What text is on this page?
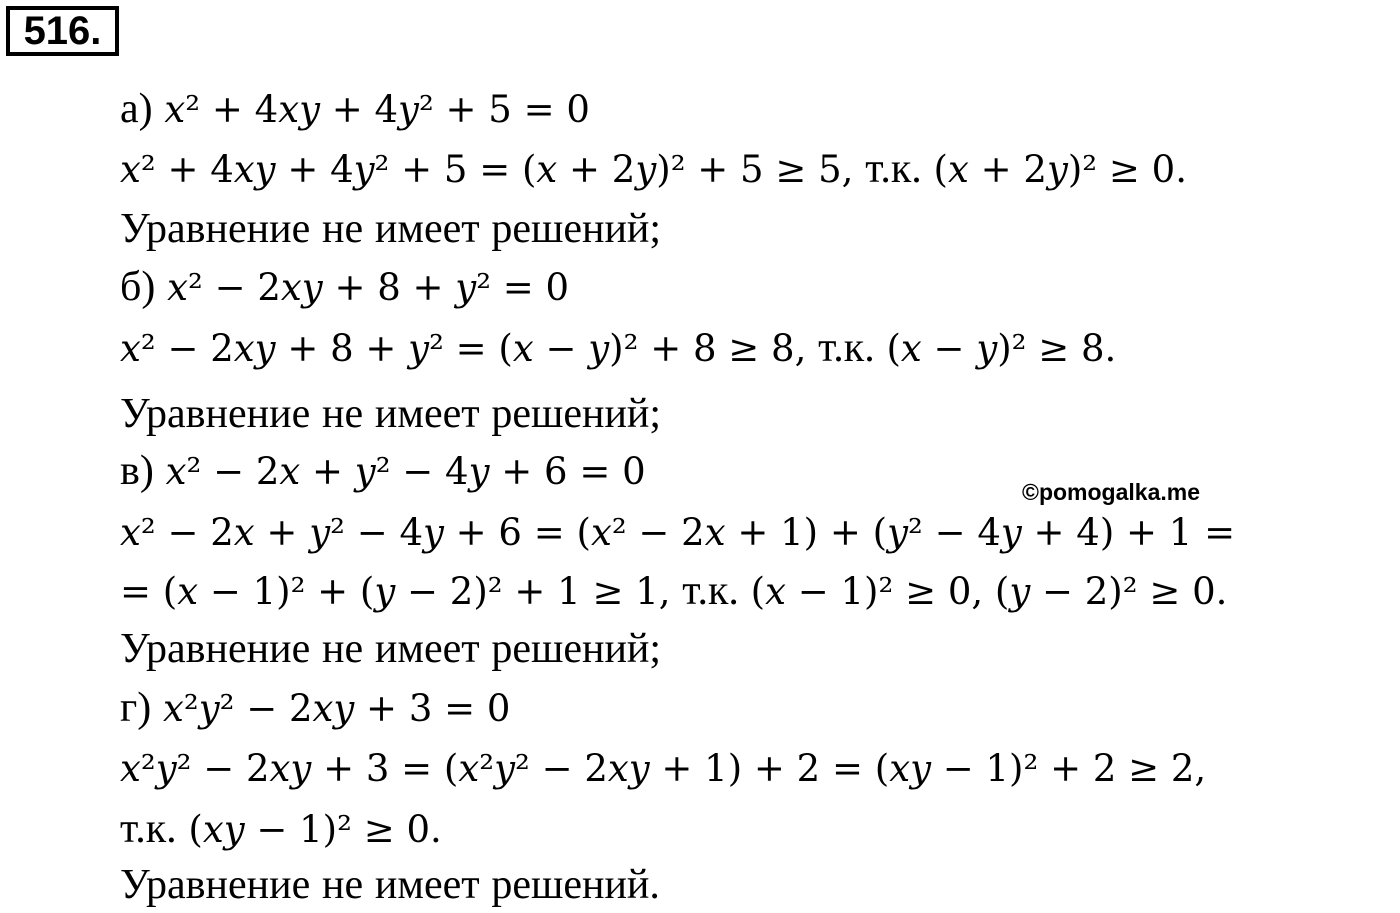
516.
а) x² + 4xy + 4y² + 5 = 0
x² + 4xy + 4y² + 5 = (x + 2y)² + 5 ≥ 5, т.к. (x + 2y)² ≥ 0.
Уравнение не имеет решений;
б) x² − 2xy + 8 + y² = 0
x² − 2xy + 8 + y² = (x − y)² + 8 ≥ 8, т.к. (x − y)² ≥ 8.
Уравнение не имеет решений;
в) x² − 2x + y² − 4y + 6 = 0
x² − 2x + y² − 4y + 6 = (x² − 2x + 1) + (y² − 4y + 4) + 1 =
= (x − 1)² + (y − 2)² + 1 ≥ 1, т.к. (x − 1)² ≥ 0, (y − 2)² ≥ 0.
Уравнение не имеет решений;
г) x²y² − 2xy + 3 = 0
x²y² − 2xy + 3 = (x²y² − 2xy + 1) + 2 = (xy − 1)² + 2 ≥ 2,
т.к. (xy − 1)² ≥ 0.
Уравнение не имеет решений.
©pomogalka.me
